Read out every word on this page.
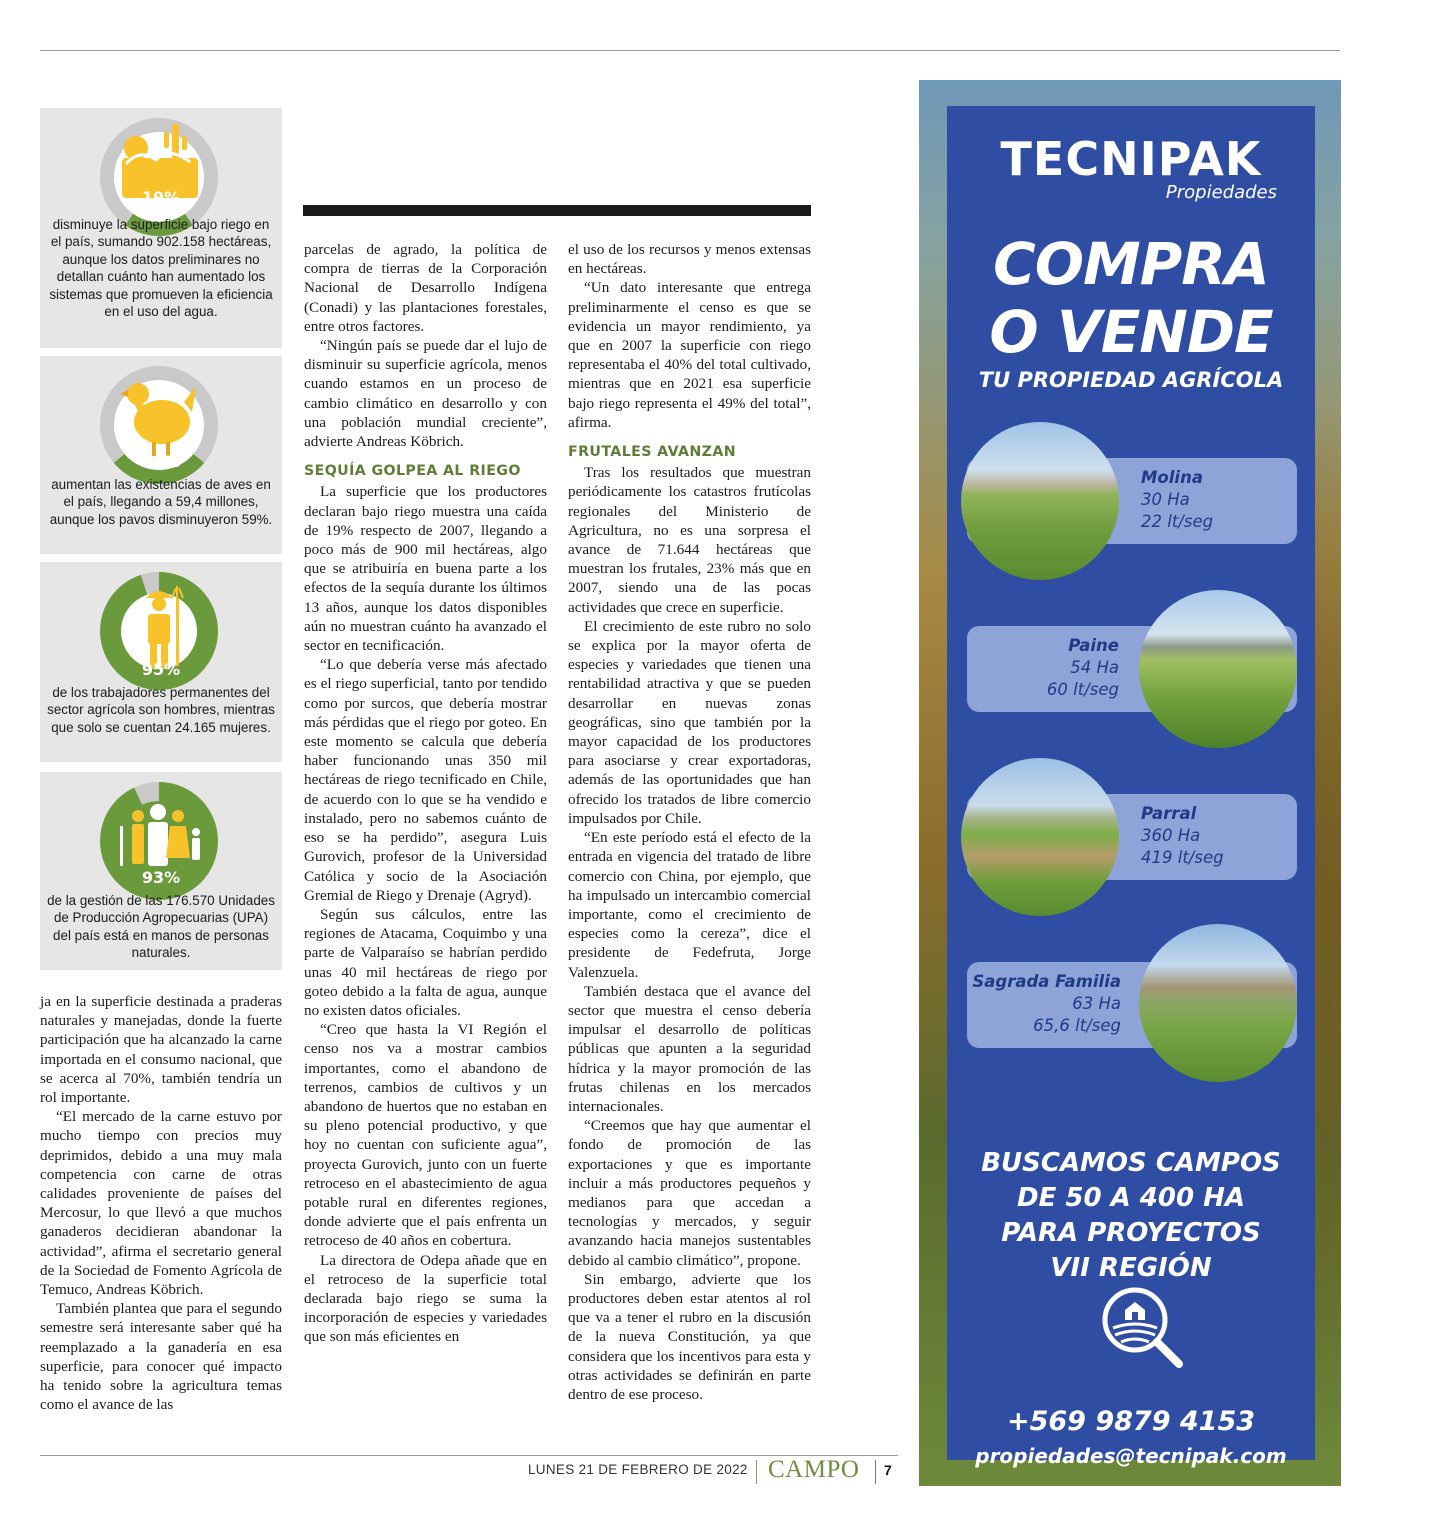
19%
disminuye la superficie bajo riego en el país, sumando 902.158 hectáreas, aunque los datos preliminares no detallan cuánto han aumentado los sistemas que promueven la eficiencia en el uso del agua.
28%
aumentan las existencias de aves en el país, llegando a 59,4 millones, aunque los pavos disminuyeron 59%.
95%
de los trabajadores permanentes del sector agrícola son hombres, mientras que solo se cuentan 24.165 mujeres.
93%
de la gestión de las 176.570 Unidades de Producción Agropecuarias (UPA) del país está en manos de personas naturales.

ja en la superficie destinada a praderas naturales y manejadas, donde la fuerte participación que ha alcanzado la carne importada en el consumo nacional, que se acerca al 70%, también tendría un rol importante.

“El mercado de la carne estuvo por mucho tiempo con precios muy deprimidos, debido a una muy mala competencia con carne de otras calidades proveniente de países del Mercosur, lo que llevó a que muchos ganaderos decidieran abandonar la actividad”, afirma el secretario general de la Sociedad de Fomento Agrícola de Temuco, Andreas Köbrich.

También plantea que para el segundo semestre será interesante saber qué ha reemplazado a la ganadería en esa superficie, para conocer qué impacto ha tenido sobre la agricultura temas como el avance de las

parcelas de agrado, la política de compra de tierras de la Corporación Nacional de Desarrollo Indígena (Conadi) y las plantaciones forestales, entre otros factores.

“Ningún país se puede dar el lujo de disminuir su superficie agrícola, menos cuando estamos en un proceso de cambio climático en desarrollo y con una población mundial creciente”, advierte Andreas Köbrich.

SEQUÍA GOLPEA AL RIEGO

La superficie que los productores declaran bajo riego muestra una caída de 19% respecto de 2007, llegando a poco más de 900 mil hectáreas, algo que se atribuiría en buena parte a los efectos de la sequía durante los últimos 13 años, aunque los datos disponibles aún no muestran cuánto ha avanzado el sector en tecnificación.

“Lo que debería verse más afectado es el riego superficial, tanto por tendido como por surcos, que debería mostrar más pérdidas que el riego por goteo. En este momento se calcula que debería haber funcionando unas 350 mil hectáreas de riego tecnificado en Chile, de acuerdo con lo que se ha vendido e instalado, pero no sabemos cuánto de eso se ha perdido”, asegura Luis Gurovich, profesor de la Universidad Católica y socio de la Asociación Gremial de Riego y Drenaje (Agryd).

Según sus cálculos, entre las regiones de Atacama, Coquimbo y una parte de Valparaíso se habrían perdido unas 40 mil hectáreas de riego por goteo debido a la falta de agua, aunque no existen datos oficiales.

“Creo que hasta la VI Región el censo nos va a mostrar cambios importantes, como el abandono de terrenos, cambios de cultivos y un abandono de huertos que no estaban en su pleno potencial productivo, y que hoy no cuentan con suficiente agua”, proyecta Gurovich, junto con un fuerte retroceso en el abastecimiento de agua potable rural en diferentes regiones, donde advierte que el país enfrenta un retroceso de 40 años en cobertura.

La directora de Odepa añade que en el retroceso de la superficie total declarada bajo riego se suma la incorporación de especies y variedades que son más eficientes en

el uso de los recursos y menos extensas en hectáreas.

“Un dato interesante que entrega preliminarmente el censo es que se evidencia un mayor rendimiento, ya que en 2007 la superficie con riego representaba el 40% del total cultivado, mientras que en 2021 esa superficie bajo riego representa el 49% del total”, afirma.

FRUTALES AVANZAN

Tras los resultados que muestran periódicamente los catastros frutícolas regionales del Ministerio de Agricultura, no es una sorpresa el avance de 71.644 hectáreas que muestran los frutales, 23% más que en 2007, siendo una de las pocas actividades que crece en superficie.

El crecimiento de este rubro no solo se explica por la mayor oferta de especies y variedades que tienen una rentabilidad atractiva y que se pueden desarrollar en nuevas zonas geográficas, sino que también por la mayor capacidad de los productores para asociarse y crear exportadoras, además de las oportunidades que han ofrecido los tratados de libre comercio impulsados por Chile.

“En este período está el efecto de la entrada en vigencia del tratado de libre comercio con China, por ejemplo, que ha impulsado un intercambio comercial importante, como el crecimiento de especies como la cereza”, dice el presidente de Fedefruta, Jorge Valenzuela.

También destaca que el avance del sector que muestra el censo debería impulsar el desarrollo de políticas públicas que apunten a la seguridad hídrica y la mayor promoción de las frutas chilenas en los mercados internacionales.

“Creemos que hay que aumentar el fondo de promoción de las exportaciones y que es importante incluir a más productores pequeños y medianos para que accedan a tecnologías y mercados, y seguir avanzando hacia manejos sustentables debido al cambio climático”, propone.

Sin embargo, advierte que los productores deben estar atentos al rol que va a tener el rubro en la discusión de la nueva Constitución, ya que considera que los incentivos para esta y otras actividades se definirán en parte dentro de ese proceso.

LUNES 21 DE FEBRERO DE 2022 CAMPO 7
TECNIPAK
Propiedades
COMPRA
O VENDE
TU PROPIEDAD AGRÍCOLA
Molina
30 Ha
22 lt/seg
Paine
54 Ha
60 lt/seg
Parral
360 Ha
419 lt/seg
Sagrada Familia
63 Ha
65,6 lt/seg
BUSCAMOS CAMPOS
DE 50 A 400 HA
PARA PROYECTOS
VII REGIÓN
+569 9879 4153
propiedades@tecnipak.com
